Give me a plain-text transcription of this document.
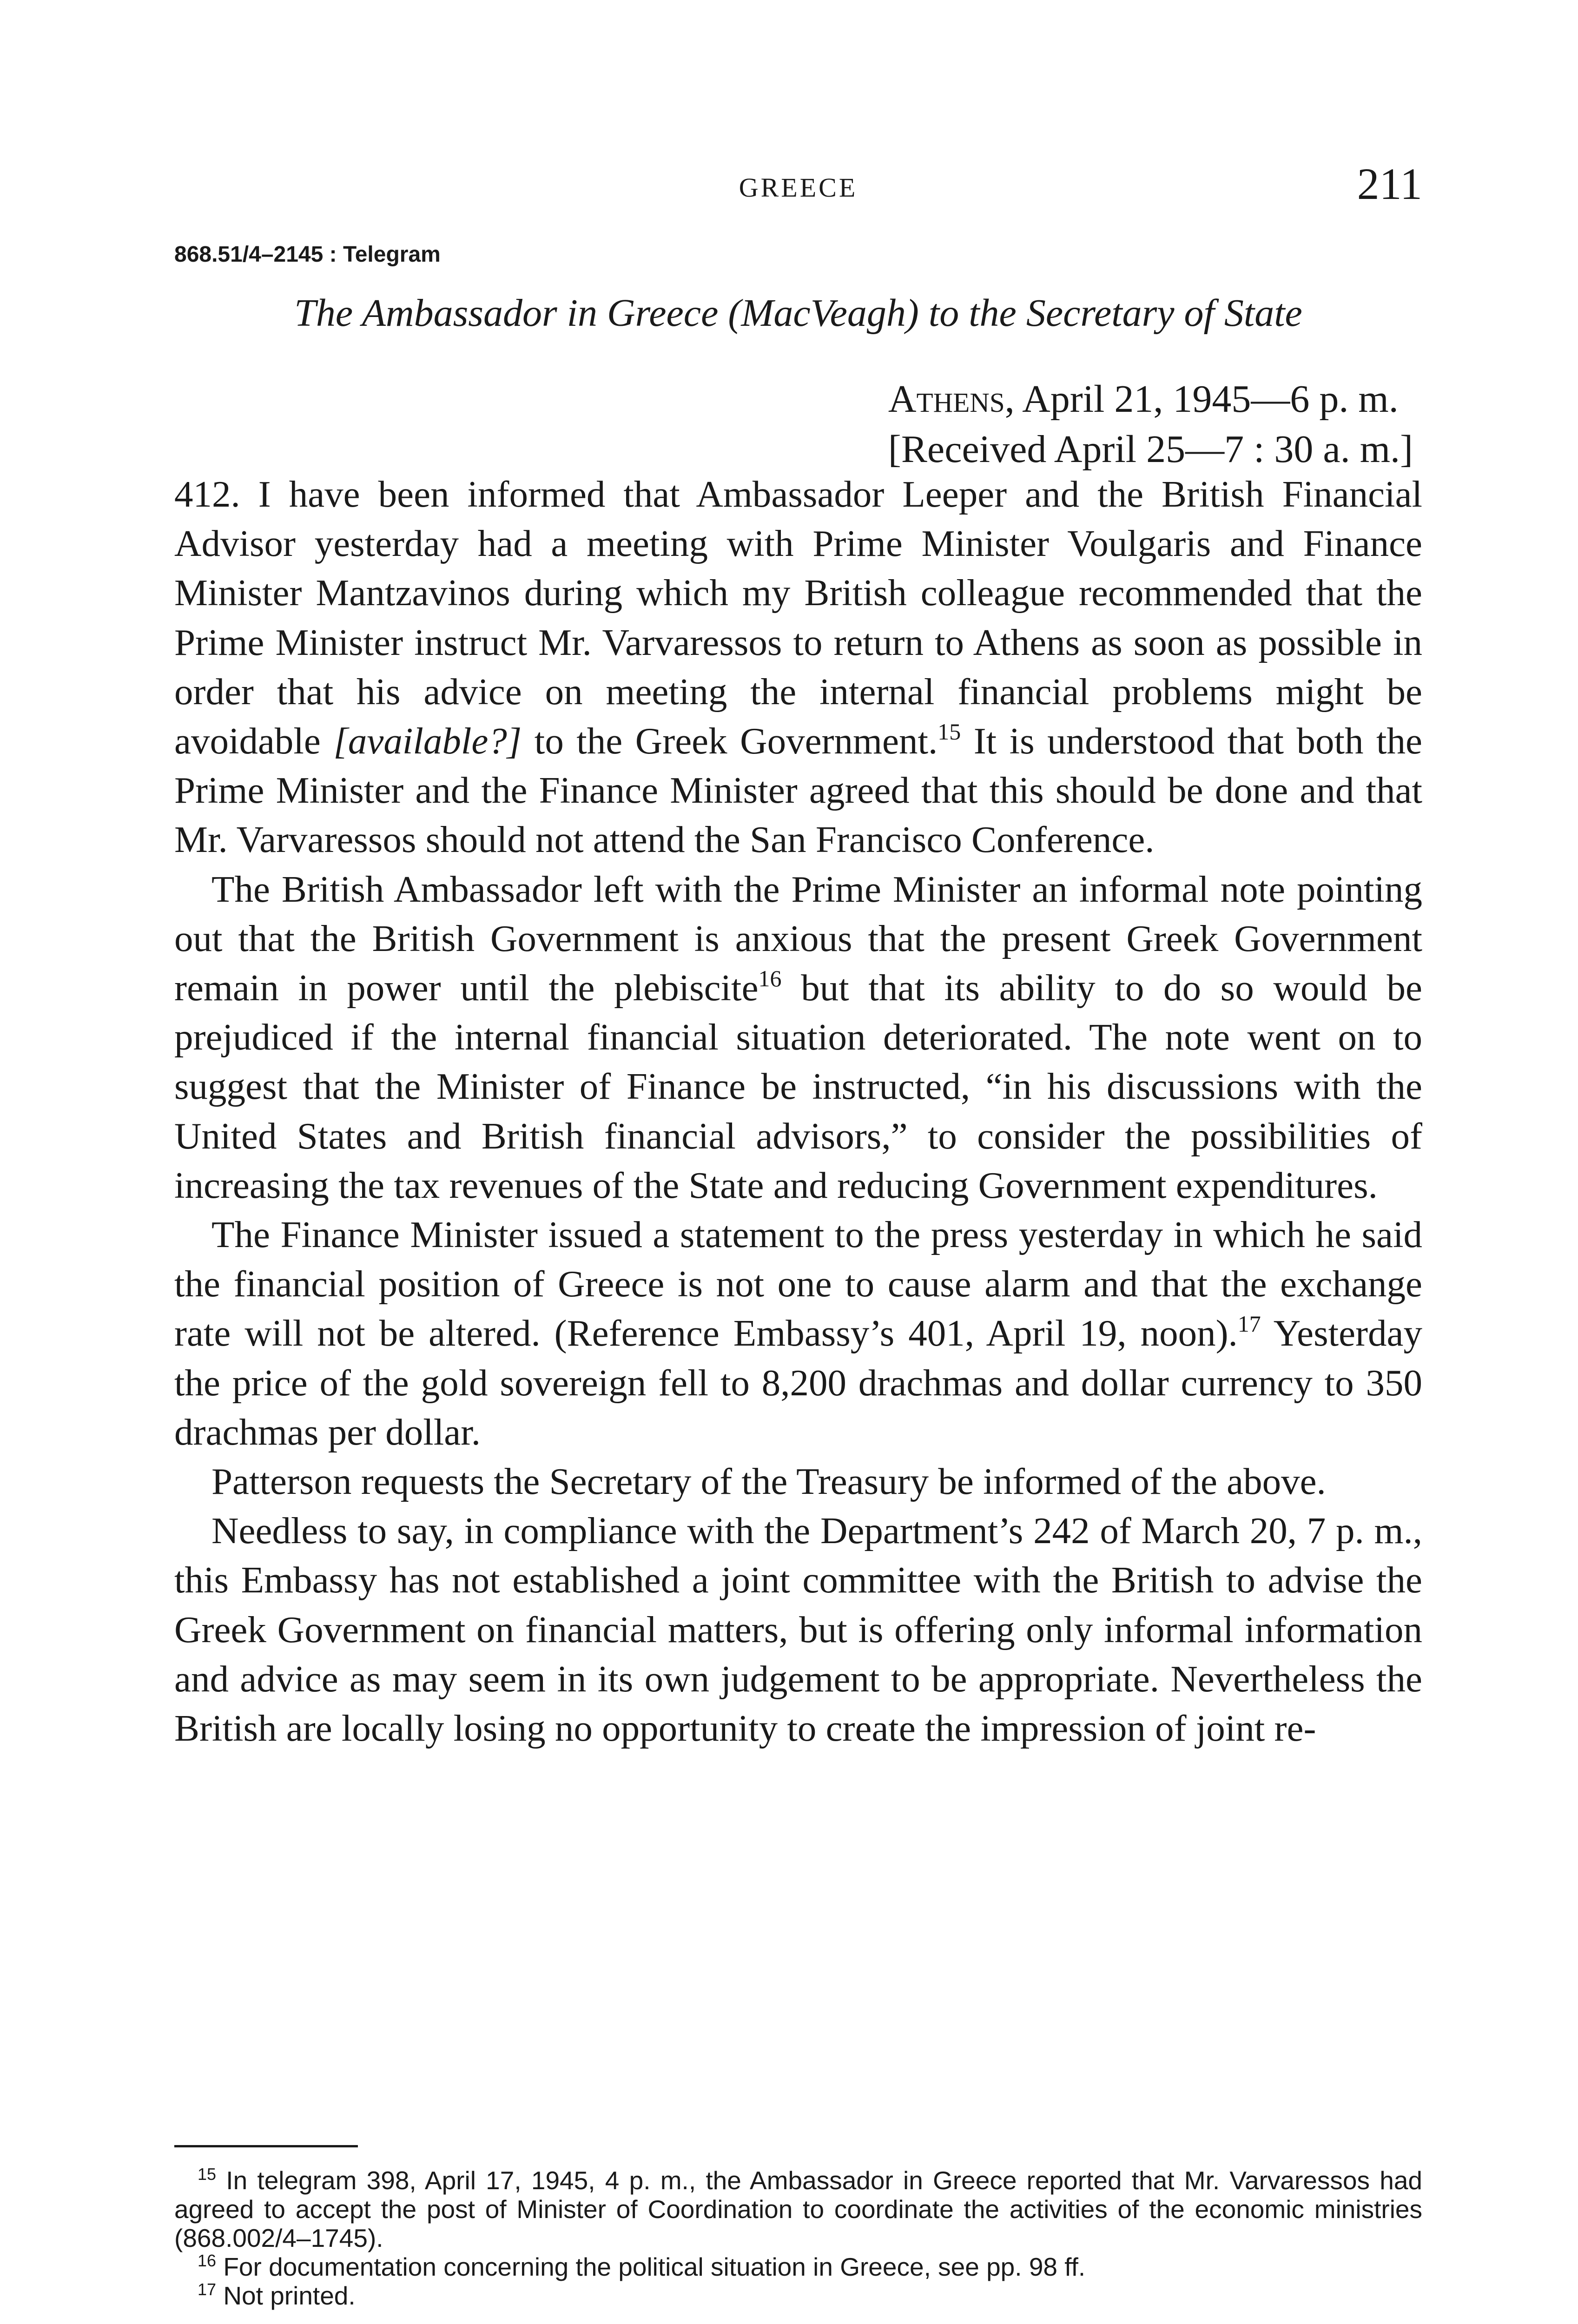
GREECE	211
868.51/4–2145 : Telegram
The Ambassador in Greece (MacVeagh) to the Secretary of State
Athens, April 21, 1945—6 p. m.
[Received April 25—7 : 30 a. m.]

412. I have been informed that Ambassador Leeper and the British Financial Advisor yesterday had a meeting with Prime Minister Voulgaris and Finance Minister Mantzavinos during which my British colleague recommended that the Prime Minister instruct Mr. Varvaressos to return to Athens as soon as possible in order that his advice on meeting the internal financial problems might be avoidable [available?] to the Greek Government.$^{15}$ It is understood that both the Prime Minister and the Finance Minister agreed that this should be done and that Mr. Varvaressos should not attend the San Francisco Conference.

The British Ambassador left with the Prime Minister an informal note pointing out that the British Government is anxious that the present Greek Government remain in power until the plebiscite$^{16}$ but that its ability to do so would be prejudiced if the internal financial situation deteriorated. The note went on to suggest that the Minister of Finance be instructed, “in his discussions with the United States and British financial advisors,” to consider the possibilities of increasing the tax revenues of the State and reducing Government expenditures.

The Finance Minister issued a statement to the press yesterday in which he said the financial position of Greece is not one to cause alarm and that the exchange rate will not be altered. (Reference Embassy’s 401, April 19, noon).$^{17}$ Yesterday the price of the gold sovereign fell to 8,200 drachmas and dollar currency to 350 drachmas per dollar.

Patterson requests the Secretary of the Treasury be informed of the above.

Needless to say, in compliance with the Department’s 242 of March 20, 7 p. m., this Embassy has not established a joint committee with the British to advise the Greek Government on financial matters, but is offering only informal information and advice as may seem in its own judgement to be appropriate. Nevertheless the British are locally losing no opportunity to create the impression of joint re-

$^{15}$ In telegram 398, April 17, 1945, 4 p. m., the Ambassador in Greece reported that Mr. Varvaressos had agreed to accept the post of Minister of Coordination to coordinate the activities of the economic ministries (868.002/4–1745).

$^{16}$ For documentation concerning the political situation in Greece, see pp. 98 ff.

$^{17}$ Not printed.
